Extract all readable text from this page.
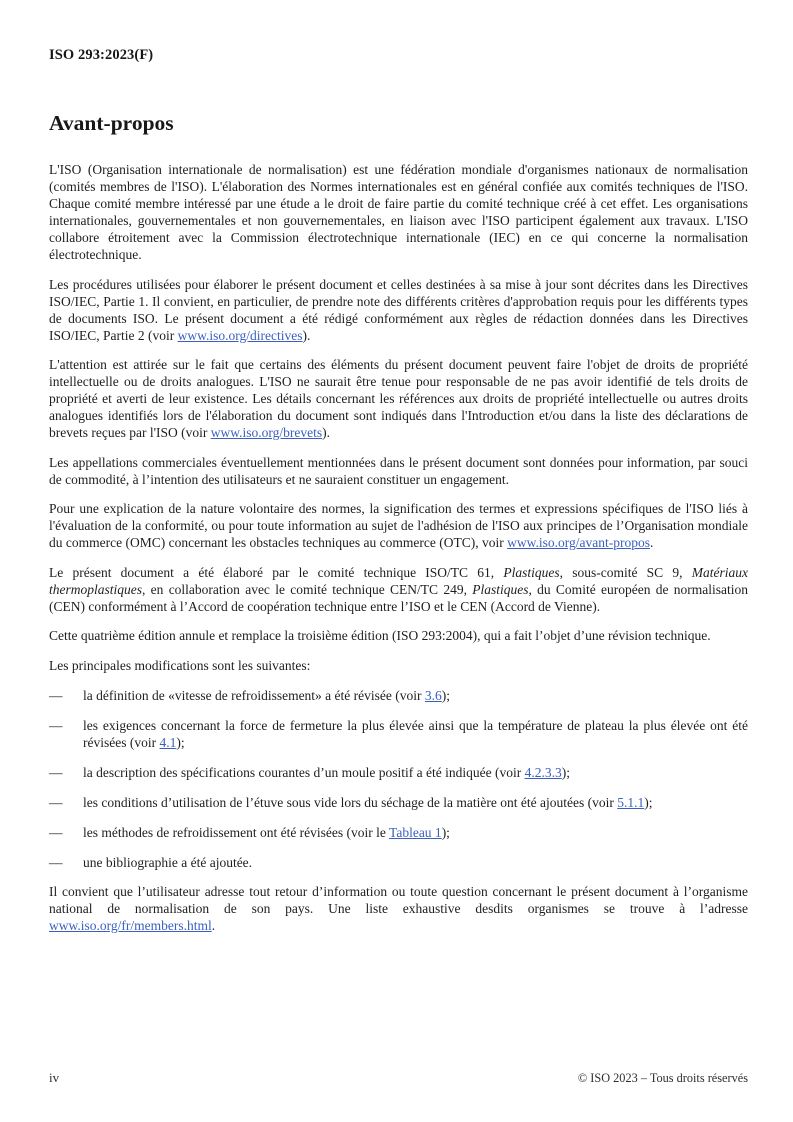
ISO 293:2023(F)
Avant-propos

L'ISO (Organisation internationale de normalisation) est une fédération mondiale d'organismes nationaux de normalisation (comités membres de l'ISO). L'élaboration des Normes internationales est en général confiée aux comités techniques de l'ISO. Chaque comité membre intéressé par une étude a le droit de faire partie du comité technique créé à cet effet. Les organisations internationales, gouvernementales et non gouvernementales, en liaison avec l'ISO participent également aux travaux. L'ISO collabore étroitement avec la Commission électrotechnique internationale (IEC) en ce qui concerne la normalisation électrotechnique.

Les procédures utilisées pour élaborer le présent document et celles destinées à sa mise à jour sont décrites dans les Directives ISO/IEC, Partie 1. Il convient, en particulier, de prendre note des différents critères d'approbation requis pour les différents types de documents ISO. Le présent document a été rédigé conformément aux règles de rédaction données dans les Directives ISO/IEC, Partie 2 (voir www.iso.org/directives).

L'attention est attirée sur le fait que certains des éléments du présent document peuvent faire l'objet de droits de propriété intellectuelle ou de droits analogues. L'ISO ne saurait être tenue pour responsable de ne pas avoir identifié de tels droits de propriété et averti de leur existence. Les détails concernant les références aux droits de propriété intellectuelle ou autres droits analogues identifiés lors de l'élaboration du document sont indiqués dans l'Introduction et/ou dans la liste des déclarations de brevets reçues par l'ISO (voir www.iso.org/brevets).

Les appellations commerciales éventuellement mentionnées dans le présent document sont données pour information, par souci de commodité, à l’intention des utilisateurs et ne sauraient constituer un engagement.

Pour une explication de la nature volontaire des normes, la signification des termes et expressions spécifiques de l'ISO liés à l'évaluation de la conformité, ou pour toute information au sujet de l'adhésion de l'ISO aux principes de l’Organisation mondiale du commerce (OMC) concernant les obstacles techniques au commerce (OTC), voir www.iso.org/avant-propos.

Le présent document a été élaboré par le comité technique ISO/TC 61, Plastiques, sous-comité SC 9, Matériaux thermoplastiques, en collaboration avec le comité technique CEN/TC 249, Plastiques, du Comité européen de normalisation (CEN) conformément à l’Accord de coopération technique entre l’ISO et le CEN (Accord de Vienne).

Cette quatrième édition annule et remplace la troisième édition (ISO 293:2004), qui a fait l’objet d’une révision technique.

Les principales modifications sont les suivantes:

—	la définition de «vitesse de refroidissement» a été révisée (voir 3.6);
—	les exigences concernant la force de fermeture la plus élevée ainsi que la température de plateau la plus élevée ont été révisées (voir 4.1);
—	la description des spécifications courantes d’un moule positif a été indiquée (voir 4.2.3.3);
—	les conditions d’utilisation de l’étuve sous vide lors du séchage de la matière ont été ajoutées (voir 5.1.1);
—	les méthodes de refroidissement ont été révisées (voir le Tableau 1);
—	une bibliographie a été ajoutée.

Il convient que l’utilisateur adresse tout retour d’information ou toute question concernant le présent document à l’organisme national de normalisation de son pays. Une liste exhaustive desdits organismes se trouve à l’adresse www.iso.org/fr/members.html.

iv	© ISO 2023 – Tous droits réservés
